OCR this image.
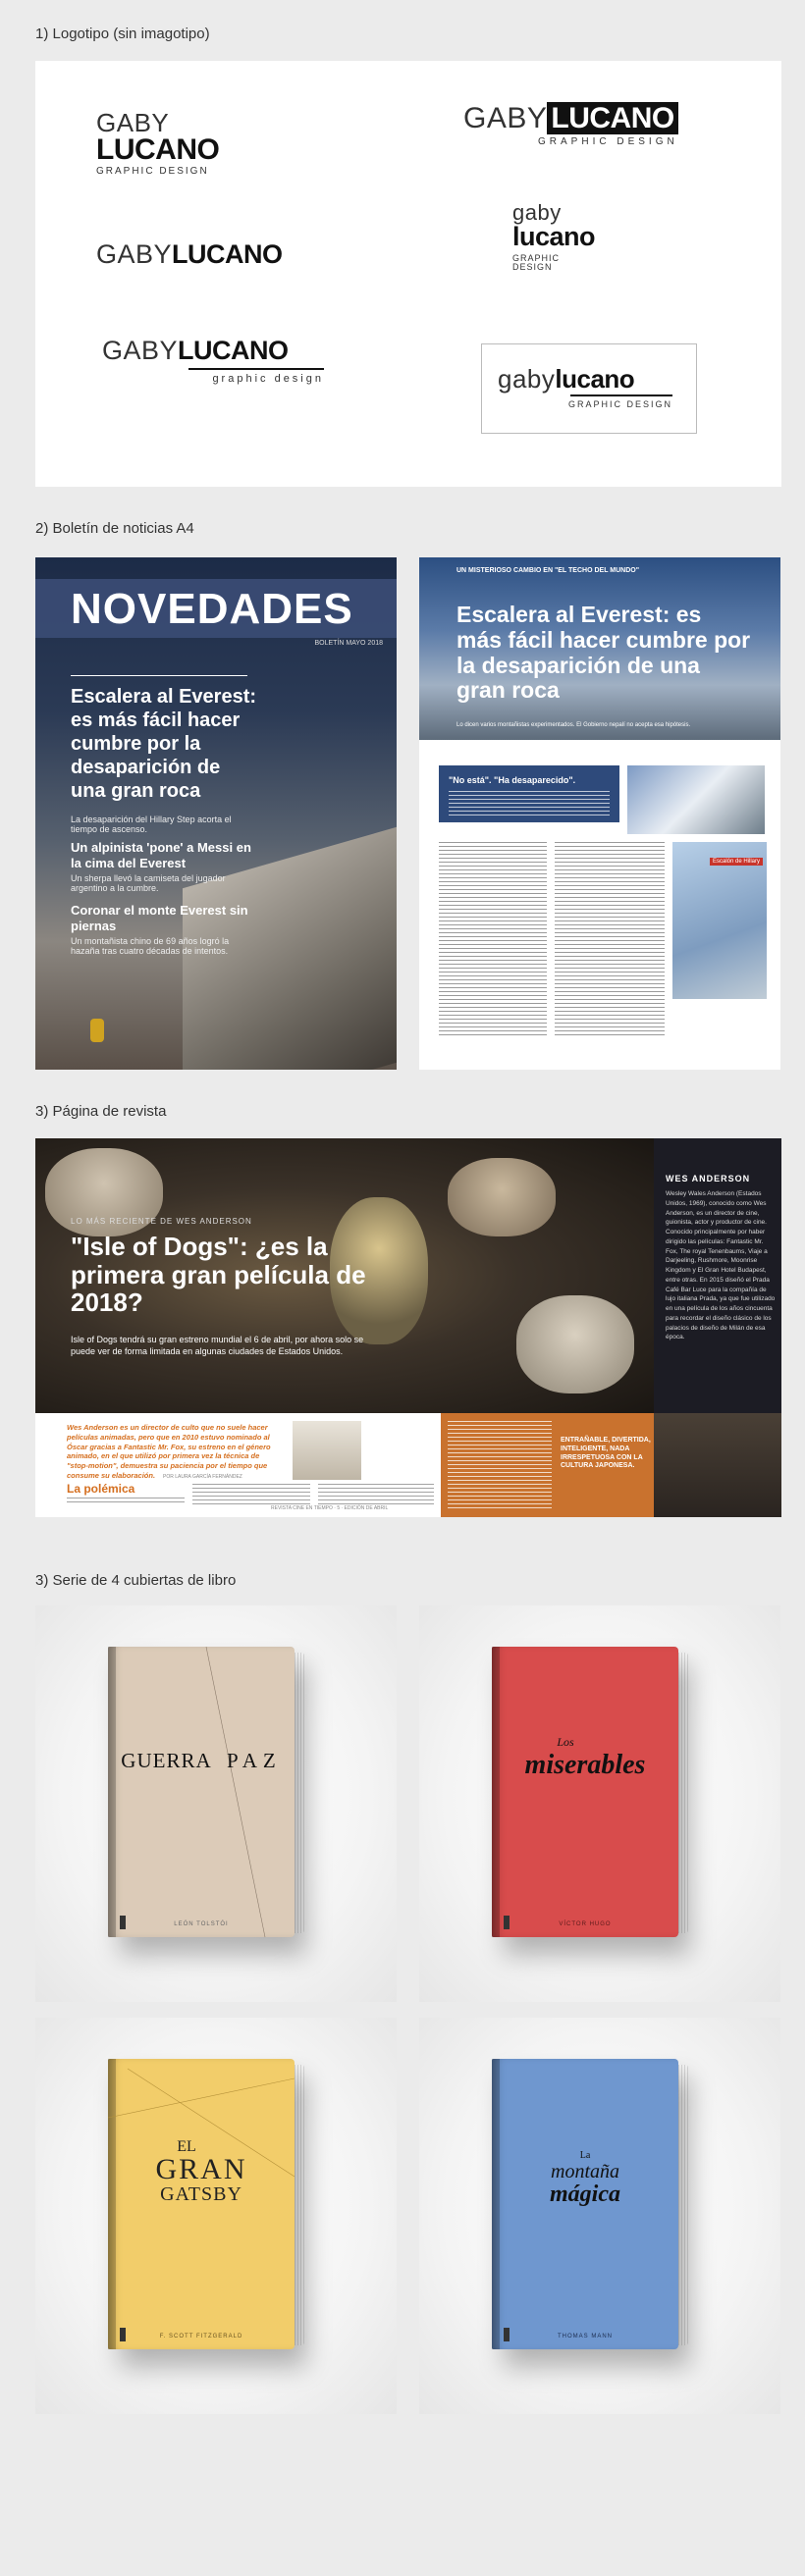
1) Logotipo (sin imagotipo)
GABY
LUCANO
GRAPHIC DESIGN
GABY LUCANO
GRAPHIC DESIGN
GABYLUCANO
gaby
lucano
GRAPHIC
DESIGN
GABYLUCANO
graphic design	gabylucano
GRAPHIC DESIGN
2) Boletín de noticias A4
NOVEDADES
BOLETÍN MAYO 2018
Escalera al Everest: es más fácil hacer cumbre por la desaparición de una gran roca
La desaparición del Hillary Step acorta el tiempo de ascenso.
Un alpinista 'pone' a Messi en la cima del Everest
Un sherpa llevó la camiseta del jugador argentino a la cumbre.
Coronar el monte Everest sin piernas
Un montañista chino de 69 años logró la hazaña tras cuatro décadas de intentos.
UN MISTERIOSO CAMBIO EN "EL TECHO DEL MUNDO"
Escalera al Everest: es más fácil hacer cumbre por la desaparición de una gran roca
Lo dicen varios montañistas experimentados. El Gobierno nepalí no acepta esa hipótesis.
"No está". "Ha desaparecido".
Escalón de Hillary
3) Página de revista
LO MÁS RECIENTE DE WES ANDERSON
"Isle of Dogs": ¿es la primera gran película de 2018?
Isle of Dogs tendrá su gran estreno mundial el 6 de abril, por ahora solo se puede ver de forma limitada en algunas ciudades de Estados Unidos.
WES ANDERSON
Wesley Wales Anderson (Estados Unidos, 1969), conocido como Wes Anderson, es un director de cine, guionista, actor y productor de cine. Conocido principalmente por haber dirigido las películas: Fantastic Mr. Fox, The royal Tenenbaums, Viaje a Darjeeling, Rushmore, Moonrise Kingdom y El Gran Hotel Budapest, entre otras. En 2015 diseñó el Prada Café Bar Luce para la compañía de lujo italiana Prada, ya que fue utilizado en una película de los años cincuenta para recordar el diseño clásico de los palacios de diseño de Milán de esa época.
Wes Anderson es un director de culto que no suele hacer películas animadas, pero que en 2010 estuvo nominado al Óscar gracias a Fantastic Mr. Fox, su estreno en el género animado, en el que utilizó por primera vez la técnica de "stop-motion", demuestra su paciencia por el tiempo que consume su elaboración.	POR LAURA GARCÍA FERNÁNDEZ
La polémica
ENTRAÑABLE, DIVERTIDA, INTELIGENTE, NADA IRRESPETUOSA CON LA CULTURA JAPONESA.
REVISTA CINE EN TIEMPO · 5 · EDICIÓN DE ABRIL
3) Serie de 4 cubiertas de libro
GUERRA PAZ
LEÓN TOLSTÓI
Los
miserables
VÍCTOR HUGO
EL
GRAN
GATSBY
F. SCOTT FITZGERALD
La
montaña
mágica
THOMAS MANN
